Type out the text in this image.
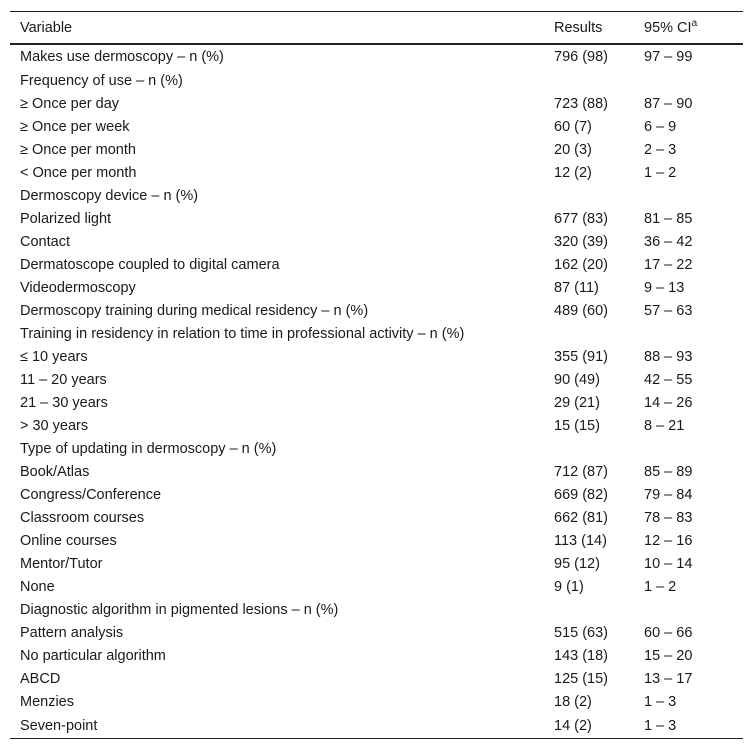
Variable	Results	95% $CI^a$
Makes use dermoscopy – n (%)	796 (98)	97 – 99
Frequency of use – n (%)		
≥ Once per day	723 (88)	87 – 90
≥ Once per week	60 (7)	6 – 9
≥ Once per month	20 (3)	2 – 3
< Once per month	12 (2)	1 – 2
Dermoscopy device – n (%)		
Polarized light	677 (83)	81 – 85
Contact	320 (39)	36 – 42
Dermatoscope coupled to digital camera	162 (20)	17 – 22
Videodermoscopy	87 (11)	9 – 13
Dermoscopy training during medical residency – n (%)	489 (60)	57 – 63
Training in residency in relation to time in professional activity – n (%)		
≤ 10 years	355 (91)	88 – 93
11 – 20 years	90 (49)	42 – 55
21 – 30 years	29 (21)	14 – 26
> 30 years	15 (15)	8 – 21
Type of updating in dermoscopy – n (%)		
Book/Atlas	712 (87)	85 – 89
Congress/Conference	669 (82)	79 – 84
Classroom courses	662 (81)	78 – 83
Online courses	113 (14)	12 – 16
Mentor/Tutor	95 (12)	10 – 14
None	9 (1)	1 – 2
Diagnostic algorithm in pigmented lesions – n (%)		
Pattern analysis	515 (63)	60 – 66
No particular algorithm	143 (18)	15 – 20
ABCD	125 (15)	13 – 17
Menzies	18 (2)	1 – 3
Seven-point	14 (2)	1 – 3
